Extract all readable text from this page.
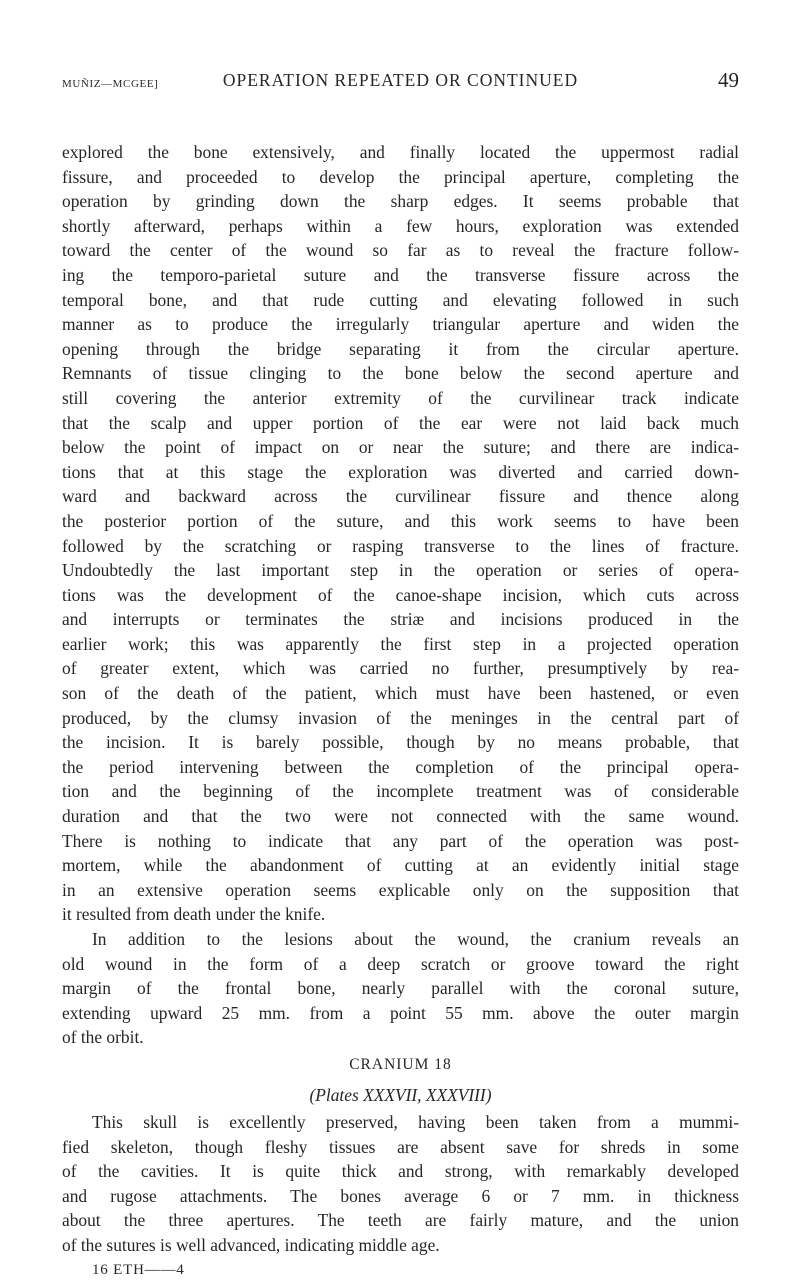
MUÑIZ—MCGEE]	OPERATION REPEATED OR CONTINUED	49
explored the bone extensively, and finally located the uppermost radial
fissure, and proceeded to develop the principal aperture, completing the
operation by grinding down the sharp edges. It seems probable that
shortly afterward, perhaps within a few hours, exploration was extended
toward the center of the wound so far as to reveal the fracture follow-
ing the temporo-parietal suture and the transverse fissure across the
temporal bone, and that rude cutting and elevating followed in such
manner as to produce the irregularly triangular aperture and widen the
opening through the bridge separating it from the circular aperture.
Remnants of tissue clinging to the bone below the second aperture and
still covering the anterior extremity of the curvilinear track indicate
that the scalp and upper portion of the ear were not laid back much
below the point of impact on or near the suture; and there are indica-
tions that at this stage the exploration was diverted and carried down-
ward and backward across the curvilinear fissure and thence along
the posterior portion of the suture, and this work seems to have been
followed by the scratching or rasping transverse to the lines of fracture.
Undoubtedly the last important step in the operation or series of opera-
tions was the development of the canoe-shape incision, which cuts across
and interrupts or terminates the striæ and incisions produced in the
earlier work; this was apparently the first step in a projected operation
of greater extent, which was carried no further, presumptively by rea-
son of the death of the patient, which must have been hastened, or even
produced, by the clumsy invasion of the meninges in the central part of
the incision. It is barely possible, though by no means probable, that
the period intervening between the completion of the principal opera-
tion and the beginning of the incomplete treatment was of considerable
duration and that the two were not connected with the same wound.
There is nothing to indicate that any part of the operation was post-
mortem, while the abandonment of cutting at an evidently initial stage
in an extensive operation seems explicable only on the supposition that
it resulted from death under the knife.
In addition to the lesions about the wound, the cranium reveals an
old wound in the form of a deep scratch or groove toward the right
margin of the frontal bone, nearly parallel with the coronal suture,
extending upward 25 mm. from a point 55 mm. above the outer margin
of the orbit.
CRANIUM 18
(Plates XXXVII, XXXVIII)
This skull is excellently preserved, having been taken from a mummi-
fied skeleton, though fleshy tissues are absent save for shreds in some
of the cavities. It is quite thick and strong, with remarkably developed
and rugose attachments. The bones average 6 or 7 mm. in thickness
about the three apertures. The teeth are fairly mature, and the union
of the sutures is well advanced, indicating middle age.
16 ETH——4
